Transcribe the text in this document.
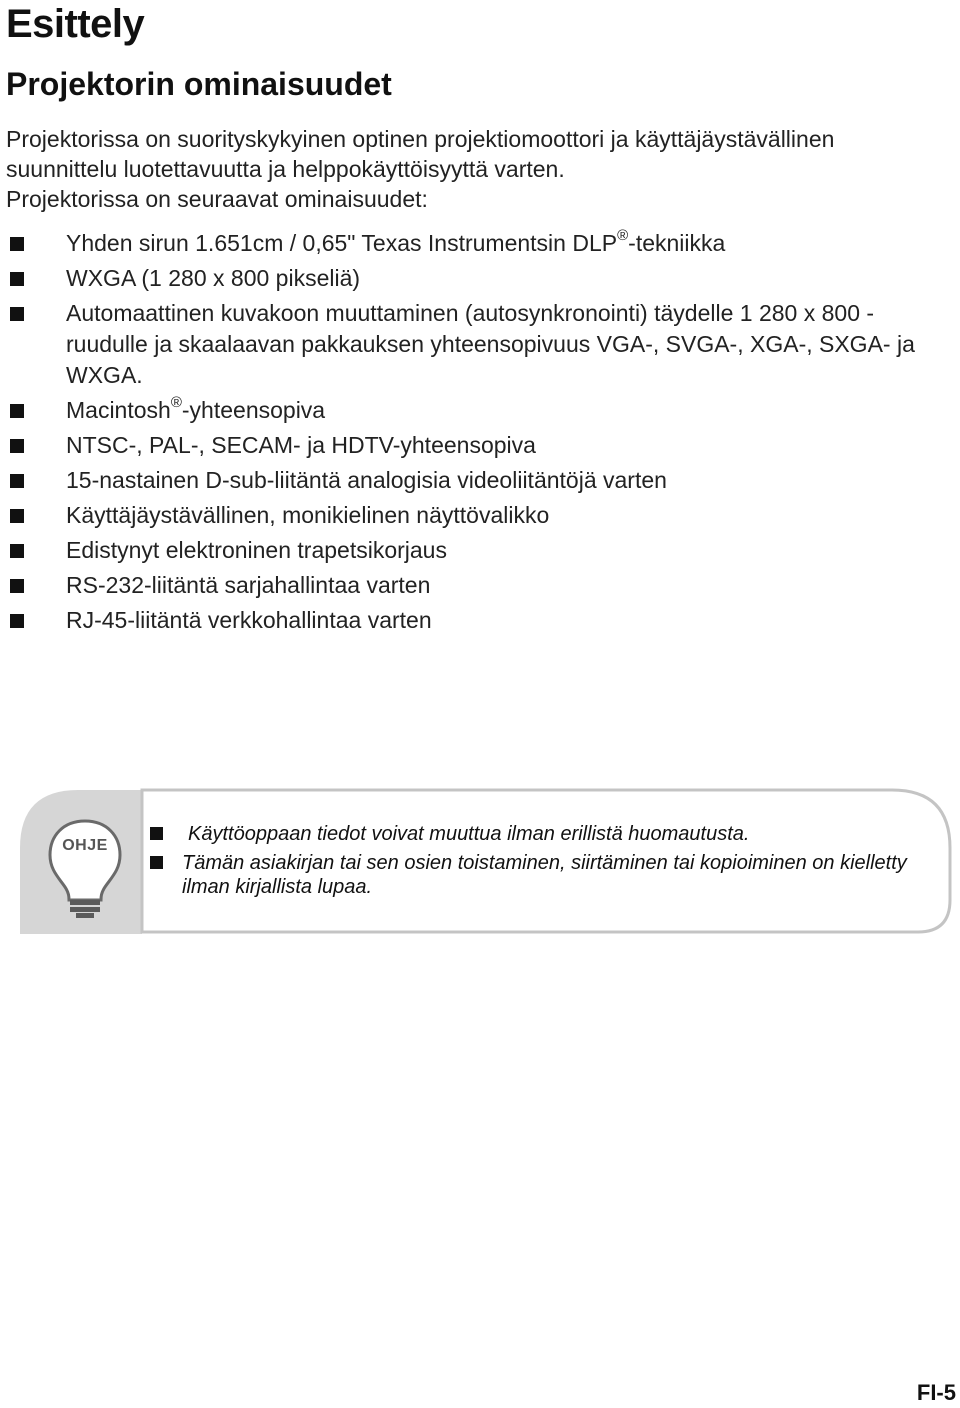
Esittely
Projektorin ominaisuudet

Projektorissa on suorityskykyinen optinen projektiomoottori ja käyttäjäystävällinen
suunnittelu luotettavuutta ja helppokäyttöisyyttä varten.
Projektorissa on seuraavat ominaisuudet:

Yhden sirun 1.651cm / 0,65" Texas Instrumentsin DLP®-tekniikka
WXGA (1 280 x 800 pikseliä)
Automaattinen kuvakoon muuttaminen (autosynkronointi) täydelle 1 280 x 800 - ruudulle ja skaalaavan pakkauksen yhteensopivuus VGA-, SVGA-, XGA-, SXGA- ja WXGA.
Macintosh®-yhteensopiva
NTSC-, PAL-, SECAM- ja HDTV-yhteensopiva
15-nastainen D-sub-liitäntä analogisia videoliitäntöjä varten
Käyttäjäystävällinen, monikielinen näyttövalikko
Edistynyt elektroninen trapetsikorjaus
RS-232-liitäntä sarjahallintaa varten
RJ-45-liitäntä verkkohallintaa varten
OHJE
Käyttöoppaan tiedot voivat muuttua ilman erillistä huomautusta.
Tämän asiakirjan tai sen osien toistaminen, siirtäminen tai kopioiminen on kielletty ilman kirjallista lupaa.

FI-5
